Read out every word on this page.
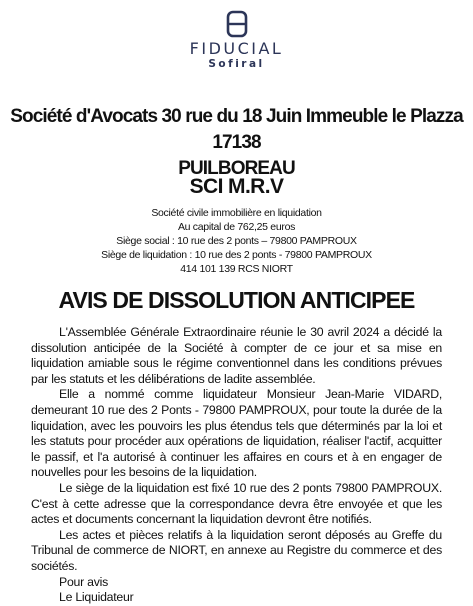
FIDUCIAL
Sofiral
Société d'Avocats 30 rue du 18 Juin Immeuble le Plazza 17138
PUILBOREAU
SCI M.R.V
Société civile immobilière en liquidation
Au capital de 762,25 euros
Siège social : 10 rue des 2 ponts – 79800 PAMPROUX
Siège de liquidation : 10 rue des 2 ponts - 79800 PAMPROUX
414 101 139 RCS NIORT
AVIS DE DISSOLUTION ANTICIPEE

L'Assemblée Générale Extraordinaire réunie le 30 avril 2024 a décidé la dissolution anticipée de la Société à compter de ce jour et sa mise en liquidation amiable sous le régime conventionnel dans les conditions prévues par les statuts et les délibérations de ladite assemblée.

Elle a nommé comme liquidateur Monsieur Jean-Marie VIDARD, demeurant 10 rue des 2 Ponts - 79800 PAMPROUX, pour toute la durée de la liquidation, avec les pouvoirs les plus étendus tels que déterminés par la loi et les statuts pour procéder aux opérations de liquidation, réaliser l'actif, acquitter le passif, et l'a autorisé à continuer les affaires en cours et à en engager de nouvelles pour les besoins de la liquidation.

Le siège de la liquidation est fixé 10 rue des 2 ponts 79800 PAMPROUX. C'est à cette adresse que la correspondance devra être envoyée et que les actes et documents concernant la liquidation devront être notifiés.

Les actes et pièces relatifs à la liquidation seront déposés au Greffe du Tribunal de commerce de NIORT, en annexe au Registre du commerce et des sociétés.

Pour avis
Le Liquidateur
